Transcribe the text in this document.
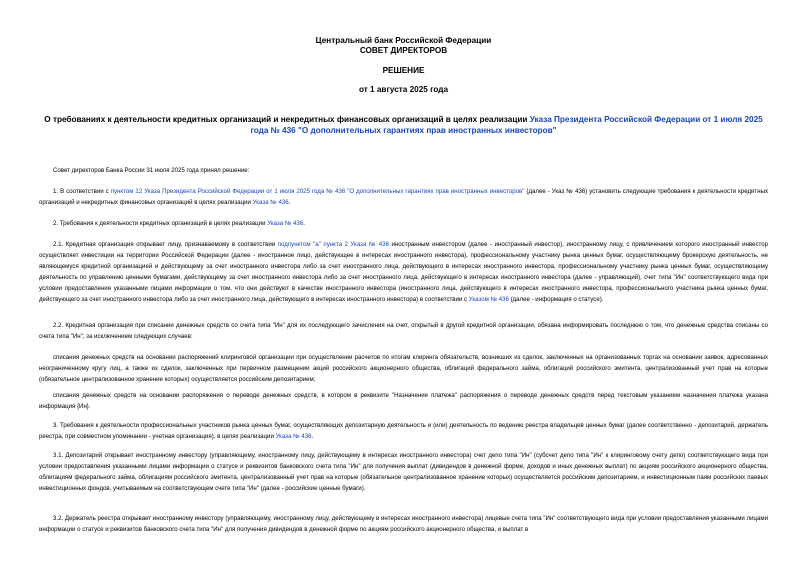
Центральный банк Российской Федерации
СОВЕТ ДИРЕКТОРОВ
РЕШЕНИЕ
от 1 августа 2025 года
О требованиях к деятельности кредитных организаций и некредитных финансовых организаций в целях реализации Указа Президента Российской Федерации от 1 июля 2025 года № 436 "О дополнительных гарантиях прав иностранных инвесторов"

Совет директоров Банка России 31 июля 2025 года принял решение:

1. В соответствии с пунктом 12 Указа Президента Российской Федерации от 1 июля 2025 года № 436 "О дополнительных гарантиях прав иностранных инвесторов" (далее - Указ № 436) установить следующие требования к деятельности кредитных организаций и некредитных финансовых организаций в целях реализации Указа № 436.

2. Требования к деятельности кредитных организаций в целях реализации Указа № 436.

2.1. Кредитная организация открывает лицу, признаваемому в соответствии подпунктом "а" пункта 2 Указа № 436 иностранным инвестором (далее - иностранный инвестор), иностранному лицу, с привлечением которого иностранный инвестор осуществляет инвестиции на территории Российской Федерации (далее - иностранное лицо, действующее в интересах иностранного инвестора), профессиональному участнику рынка ценных бумаг, осуществляющему брокерскую деятельность, не являющемуся кредитной организацией и действующему за счет иностранного инвестора либо за счет иностранного лица, действующего в интересах иностранного инвестора, профессиональному участнику рынка ценных бумаг, осуществляющему деятельность по управлению ценными бумагами, действующему за счет иностранного инвестора либо за счет иностранного лица, действующего в интересах иностранного инвестора (далее - управляющий), счет типа "Ин" соответствующего вида при условии предоставления указанными лицами информации о том, что они действуют в качестве иностранного инвестора (иностранного лица, действующего в интересах иностранного инвестора, профессионального участника рынка ценных бумаг, действующего за счет иностранного инвестора либо за счет иностранного лица, действующего в интересах иностранного инвестора) в соответствии с Указом № 436 (далее - информация о статусе).

2.2. Кредитная организация при списании денежных средств со счета типа "Ин" для их последующего зачисления на счет, открытый в другой кредитной организации, обязана информировать последнюю о том, что денежные средства списаны со счета типа "Ин", за исключением следующих случаев:

списания денежных средств на основании распоряжений клиринговой организации при осуществлении расчетов по итогам клиринга обязательств, возникших из сделок, заключенных на организованных торгах на основании заявок, адресованных неограниченному кругу лиц, а также из сделок, заключенных при первичном размещении акций российского акционерного общества, облигаций федерального займа, облигаций российского эмитента, централизованный учет прав на которые (обязательное централизованное хранение которых) осуществляется российским депозитарием;

списания денежных средств на основании распоряжения о переводе денежных средств, в котором в реквизите "Назначение платежа" распоряжения о переводе денежных средств перед текстовым указанием назначения платежа указана информация {Ин}.

3. Требования к деятельности профессиональных участников рынка ценных бумаг, осуществляющих депозитарную деятельность и (или) деятельность по ведению реестра владельцев ценных бумаг (далее соответственно - депозитарий, держатель реестра, при совместном упоминании - учетная организация), в целях реализации Указа № 436.

3.1. Депозитарий открывает иностранному инвестору (управляющему, иностранному лицу, действующему в интересах иностранного инвестора) счет депо типа "Ин" (субсчет депо типа "Ин" к клиринговому счету депо) соответствующего вида при условии предоставления указанными лицами информации о статусе и реквизитов банковского счета типа "Ин" для получения выплат (дивидендов в денежной форме, доходов и иных денежных выплат) по акциям российского акционерного общества, облигациям федерального займа, облигациям российского эмитента, централизованный учет прав на которые (обязательное централизованное хранение которых) осуществляется российским депозитарием, и инвестиционным паям российских паевых инвестиционных фондов, учитываемым на соответствующем счете типа "Ин" (далее - российские ценные бумаги).

3.2. Держатель реестра открывает иностранному инвестору (управляющему, иностранному лицу, действующему в интересах иностранного инвестора) лицевые счета типа "Ин" соответствующего вида при условии предоставления указанными лицами информации о статусе и реквизитов банковского счета типа "Ин" для получения дивидендов в денежной форме по акциям российского акционерного общества, и выплат в
